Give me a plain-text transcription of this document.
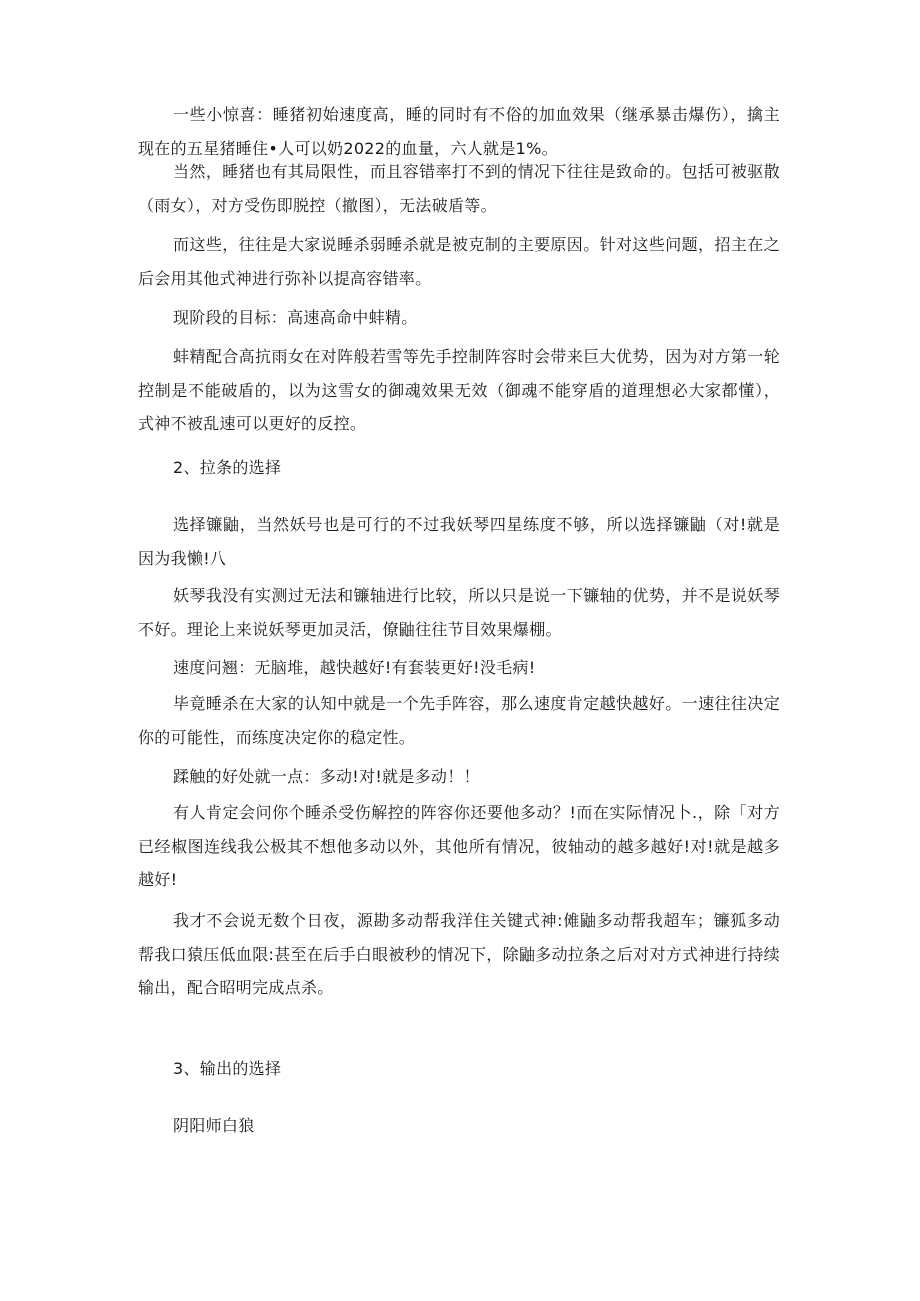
一些小惊喜：睡猪初始速度高，睡的同时有不俗的加血效果（继承暴击爆伤），擒主现在的五星猪睡住•人可以奶2022的血量，六人就是1%。

当然，睡猪也有其局限性，而且容错率打不到的情况下往往是致命的。包括可被驱散（雨女），对方受伤即脱控（撤图），无法破盾等。

而这些，往往是大家说睡杀弱睡杀就是被克制的主要原因。针对这些问题，招主在之后会用其他式神进行弥补以提高容错率。

现阶段的目标：高速高命中蚌精。

蚌精配合高抗雨女在对阵般若雪等先手控制阵容时会带来巨大优势，因为对方第一轮控制是不能破盾的，以为这雪女的御魂效果无效（御魂不能穿盾的道理想必大家都懂），式神不被乱速可以更好的反控。

2、拉条的选择

选择镰鼬，当然妖号也是可行的不过我妖琴四星练度不够，所以选择镰鼬（对!就是因为我懒!八

妖琴我没有实测过无法和镰轴进行比较，所以只是说一下镰轴的优势，并不是说妖琴不好。理论上来说妖琴更加灵活，僚鼬往往节目效果爆棚。

速度问翘：无脑堆，越快越好!有套装更好!没毛病!

毕竟睡杀在大家的认知中就是一个先手阵容，那么速度肯定越快越好。一速往往决定你的可能性，而练度决定你的稳定性。

蹂触的好处就一点：多动!对!就是多动！！

有人肯定会问你个睡杀受伤解控的阵容你还要他多动？!而在实际情况卜.，除「对方已经椒图连线我公极其不想他多动以外，其他所有情况，彼轴动的越多越好!对!就是越多越好!

我才不会说无数个日夜，源勘多动帮我洋住关键式神:傩鼬多动帮我超车；镰狐多动帮我口猿压低血限:甚至在后手白眼被秒的情况下，除鼬多动拉条之后对对方式神进行持续输出，配合昭明完成点杀。

3、输出的选择

阴阳师白狼
